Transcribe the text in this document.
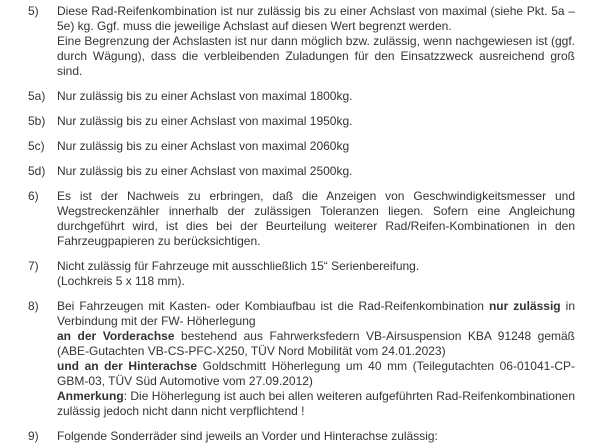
5)	Diese Rad-Reifenkombination ist nur zulässig bis zu einer Achslast von maximal (siehe Pkt. 5a – 5e) kg. Ggf. muss die jeweilige Achslast auf diesen Wert begrenzt werden.
Eine Begrenzung der Achslasten ist nur dann möglich bzw. zulässig, wenn nachgewiesen ist (ggf. durch Wägung), dass die verbleibenden Zuladungen für den Einsatzzweck ausreichend groß sind.
5a) Nur zulässig bis zu einer Achslast von maximal 1800kg.
5b) Nur zulässig bis zu einer Achslast von maximal 1950kg.
5c)	Nur zulässig bis zu einer Achslast von maximal 2060kg
5d) Nur zulässig bis zu einer Achslast von maximal 2500kg.
6)	Es ist der Nachweis zu erbringen, daß die Anzeigen von Geschwindigkeitsmesser und Wegstreckenzähler innerhalb der zulässigen Toleranzen liegen. Sofern eine Angleichung durchgeführt wird, ist dies bei der Beurteilung weiterer Rad/Reifen-Kombinationen in den Fahrzeugpapieren zu berücksichtigen.
7)	Nicht zulässig für Fahrzeuge mit ausschließlich 15“ Serienbereifung.
(Lochkreis 5 x 118 mm).
8)	Bei Fahrzeugen mit Kasten- oder Kombiaufbau ist die Rad-Reifenkombination nur zulässig in Verbindung mit der FW- Höherlegung
an der Vorderachse bestehend aus Fahrwerksfedern VB-Airsuspension KBA 91248 gemäß (ABE-Gutachten VB-CS-PFC-X250, TÜV Nord Mobilität vom 24.01.2023)
und an der Hinterachse Goldschmitt Höherlegung um 40 mm (Teilegutachten 06-01041-CP-GBM-03, TÜV Süd Automotive vom 27.09.2012)
Anmerkung: Die Höherlegung ist auch bei allen weiteren aufgeführten Rad-Reifenkombinationen zulässig jedoch nicht dann nicht verpflichtend !
9)	Folgende Sonderräder sind jeweils an Vorder und Hinterachse zulässig:
